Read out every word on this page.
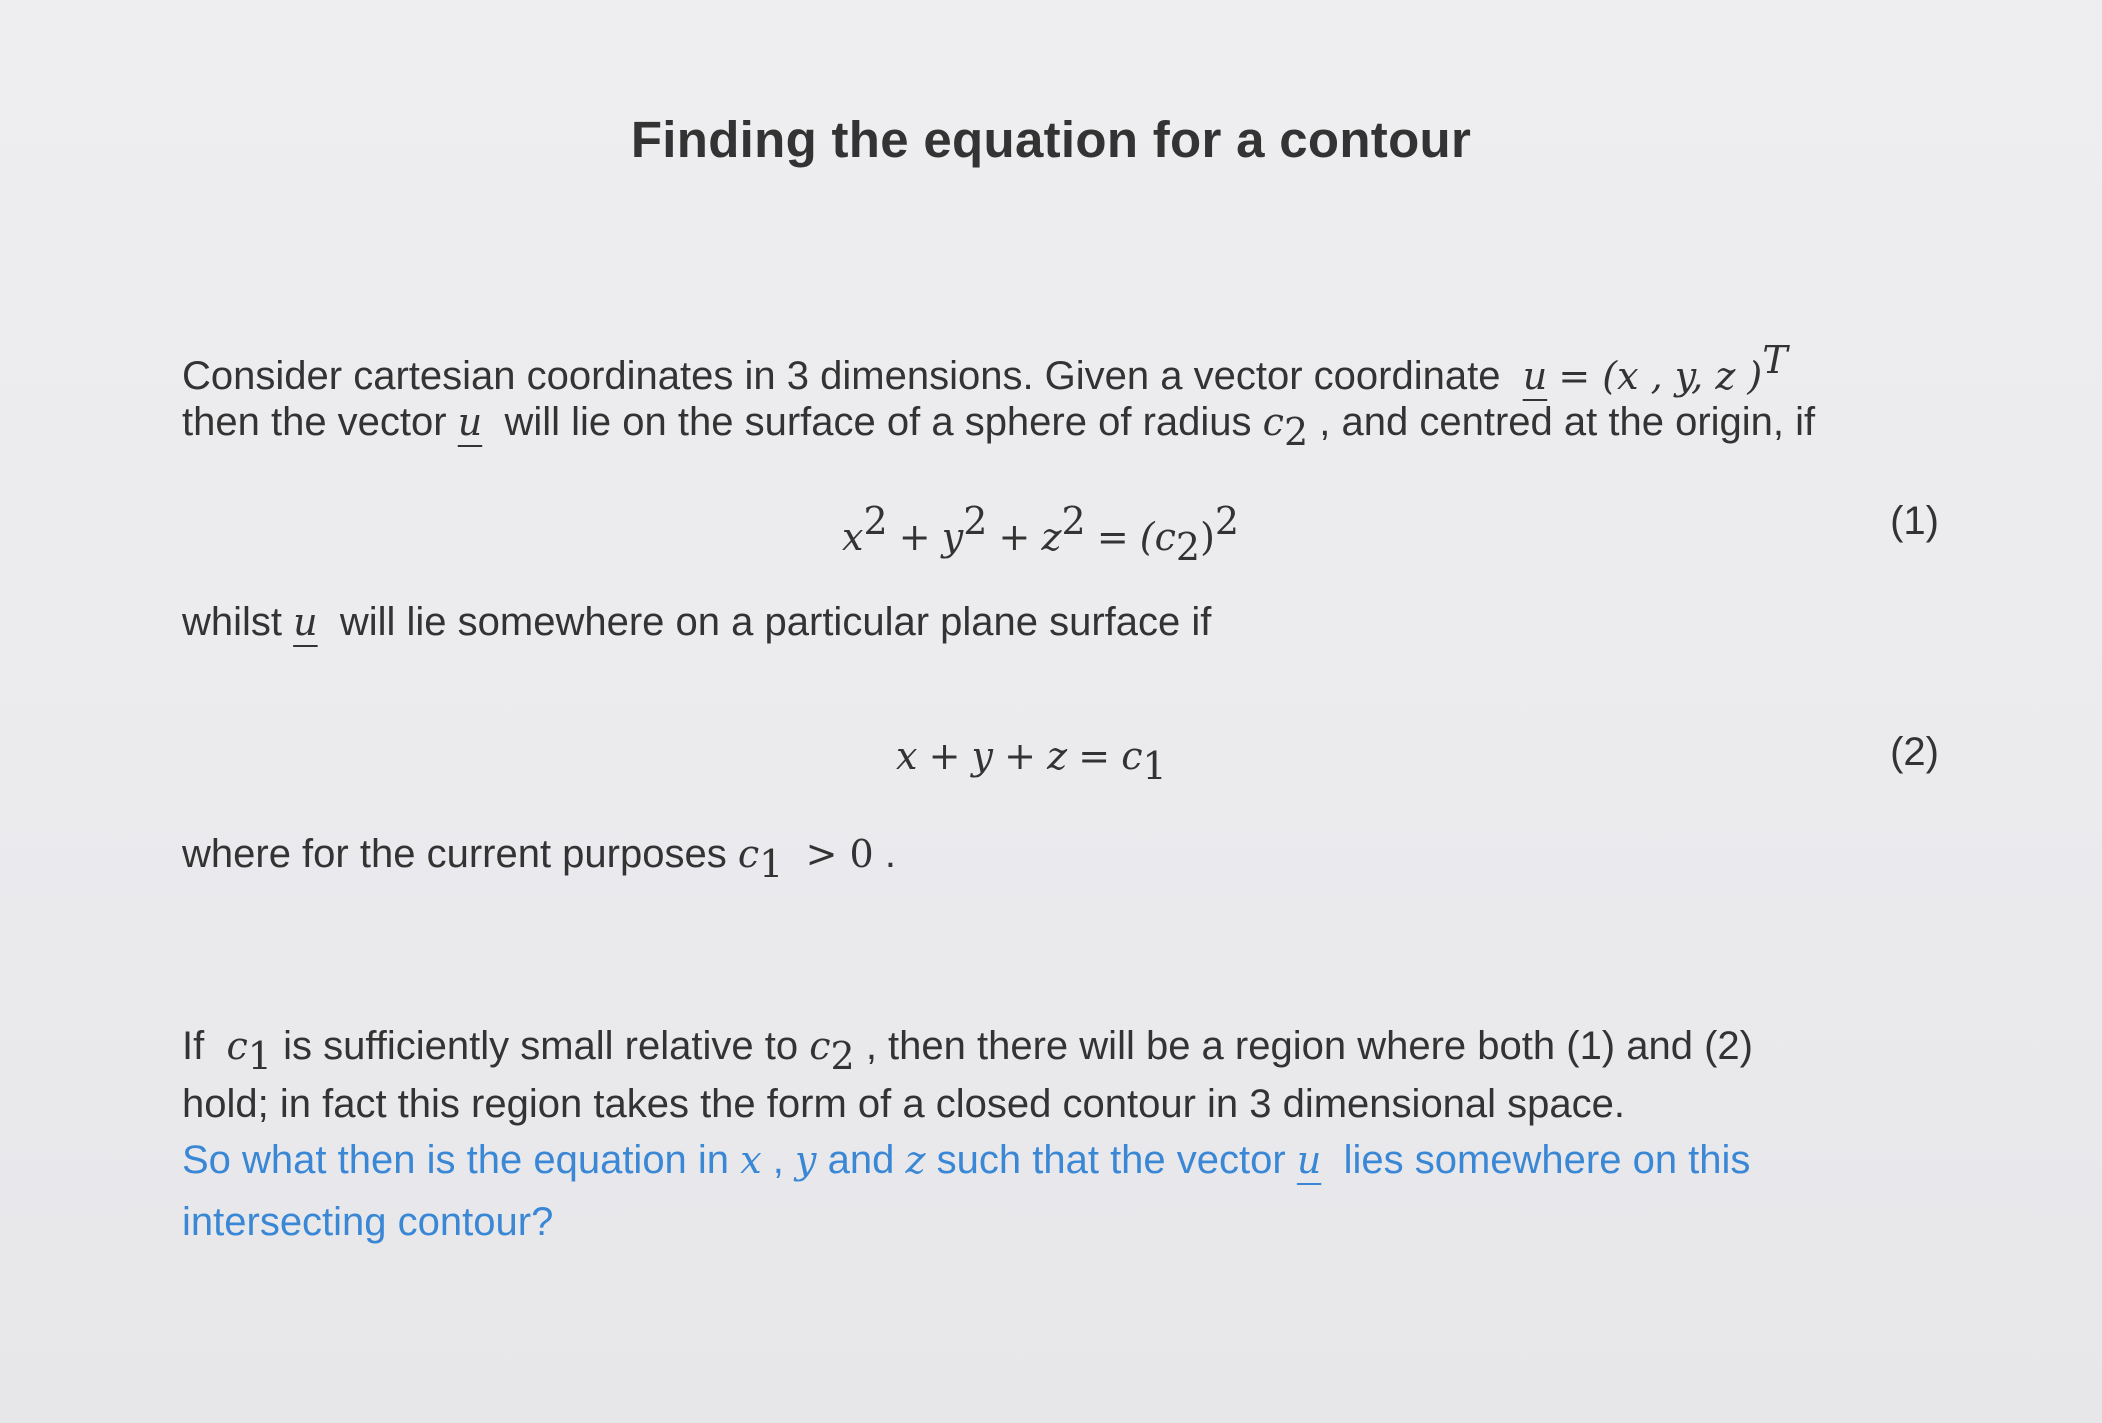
Finding the equation for a contour
Consider cartesian coordinates in 3 dimensions. Given a vector coordinate u = (x , y, z )$^T$
then the vector u will lie on the surface of a sphere of radius $c_2$ , and centred at the origin, if
$x^2 + y^2 + z^2 = (c_2)^2$	(1)
whilst u will lie somewhere on a particular plane surface if
$x + y + z = c_1$	(2)
where for the current purposes $c_1 > 0$ .
If $c_1$ is sufficiently small relative to $c_2$ , then there will be a region where both (1) and (2)
hold; in fact this region takes the form of a closed contour in 3 dimensional space.
So what then is the equation in x , y and z such that the vector u lies somewhere on this
intersecting contour?
